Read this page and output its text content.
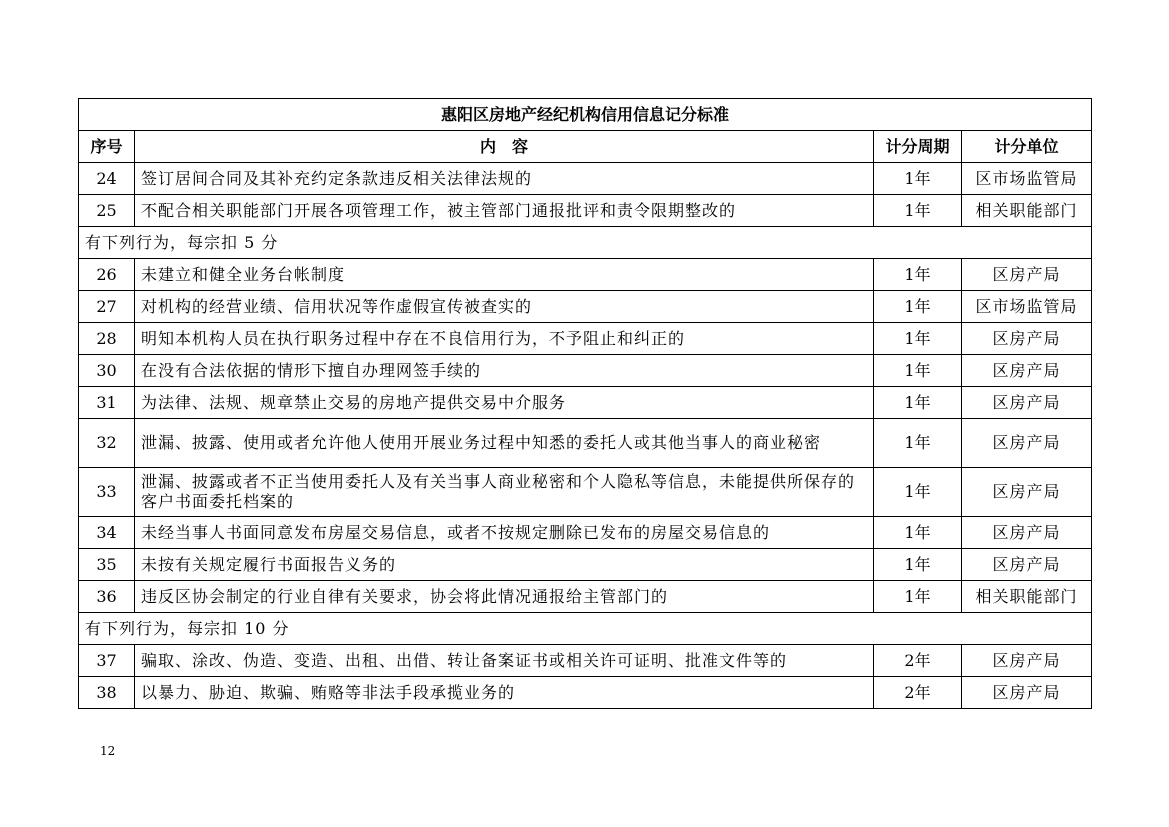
惠阳区房地产经纪机构信用信息记分标准			
序号	内　容	计分周期	计分单位
24	签订居间合同及其补充约定条款违反相关法律法规的	1年	区市场监管局
25	不配合相关职能部门开展各项管理工作，被主管部门通报批评和责令限期整改的	1年	相关职能部门
有下列行为，每宗扣 5 分			
26	未建立和健全业务台帐制度	1年	区房产局
27	对机构的经营业绩、信用状况等作虚假宣传被查实的	1年	区市场监管局
28	明知本机构人员在执行职务过程中存在不良信用行为，不予阻止和纠正的	1年	区房产局
30	在没有合法依据的情形下擅自办理网签手续的	1年	区房产局
31	为法律、法规、规章禁止交易的房地产提供交易中介服务	1年	区房产局
32	泄漏、披露、使用或者允许他人使用开展业务过程中知悉的委托人或其他当事人的商业秘密	1年	区房产局
33	泄漏、披露或者不正当使用委托人及有关当事人商业秘密和个人隐私等信息，未能提供所保存的客户书面委托档案的	1年	区房产局
34	未经当事人书面同意发布房屋交易信息，或者不按规定删除已发布的房屋交易信息的	1年	区房产局
35	未按有关规定履行书面报告义务的	1年	区房产局
36	违反区协会制定的行业自律有关要求，协会将此情况通报给主管部门的	1年	相关职能部门
有下列行为，每宗扣 10 分			
37	骗取、涂改、伪造、变造、出租、出借、转让备案证书或相关许可证明、批准文件等的	2年	区房产局
38	以暴力、胁迫、欺骗、贿赂等非法手段承揽业务的	2年	区房产局
12
